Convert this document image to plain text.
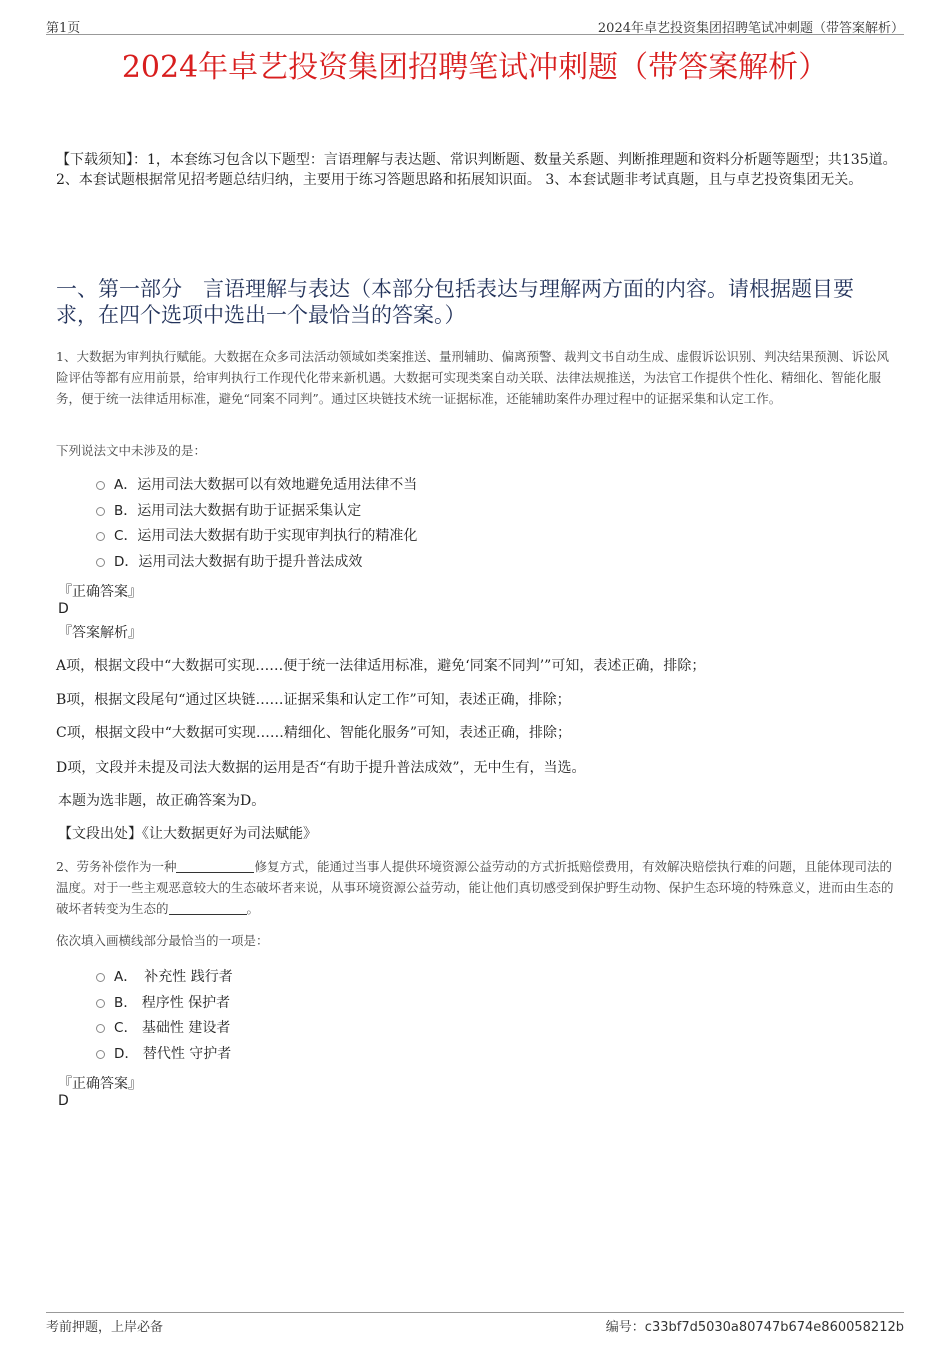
第1页	2024年卓艺投资集团招聘笔试冲刺题（带答案解析）
2024年卓艺投资集团招聘笔试冲刺题（带答案解析）
【下载须知】：1，本套练习包含以下题型：言语理解与表达题、常识判断题、数量关系题、判断推理题和资料分析题等题型；共135道。 2、本套试题根据常见招考题总结归纳，主要用于练习答题思路和拓展知识面。 3、本套试题非考试真题，且与卓艺投资集团无关。
一、第一部分　言语理解与表达（本部分包括表达与理解两方面的内容。请根据题目要求，在四个选项中选出一个最恰当的答案。）
1、大数据为审判执行赋能。大数据在众多司法活动领域如类案推送、量刑辅助、偏离预警、裁判文书自动生成、虚假诉讼识别、判决结果预测、诉讼风险评估等都有应用前景，给审判执行工作现代化带来新机遇。大数据可实现类案自动关联、法律法规推送，为法官工作提供个性化、精细化、智能化服务，便于统一法律适用标准，避免“同案不同判”。通过区块链技术统一证据标准，还能辅助案件办理过程中的证据采集和认定工作。
下列说法文中未涉及的是：
A．运用司法大数据可以有效地避免适用法律不当
B．运用司法大数据有助于证据采集认定
C．运用司法大数据有助于实现审判执行的精准化
D．运用司法大数据有助于提升普法成效
『正确答案』
D
『答案解析』
A项，根据文段中“大数据可实现……便于统一法律适用标准，避免‘同案不同判’”可知，表述正确，排除；
B项，根据文段尾句“通过区块链……证据采集和认定工作”可知，表述正确，排除；
C项，根据文段中“大数据可实现……精细化、智能化服务”可知，表述正确，排除；
D项，文段并未提及司法大数据的运用是否“有助于提升普法成效”，无中生有，当选。
本题为选非题，故正确答案为D。
【文段出处】《让大数据更好为司法赋能》
2、劳务补偿作为一种	修复方式，能通过当事人提供环境资源公益劳动的方式折抵赔偿费用，有效解决赔偿执行难的问题，且能体现司法的温度。对于一些主观恶意较大的生态破坏者来说，从事环境资源公益劳动，能让他们真切感受到保护野生动物、保护生态环境的特殊意义，进而由生态的破坏者转变为生态的	。
依次填入画横线部分最恰当的一项是：
A．　补充性 践行者
B.　程序性 保护者
C.　基础性 建设者
D.　替代性 守护者
『正确答案』
D
考前押题，上岸必备	编号：c33bf7d5030a80747b674e860058212b
